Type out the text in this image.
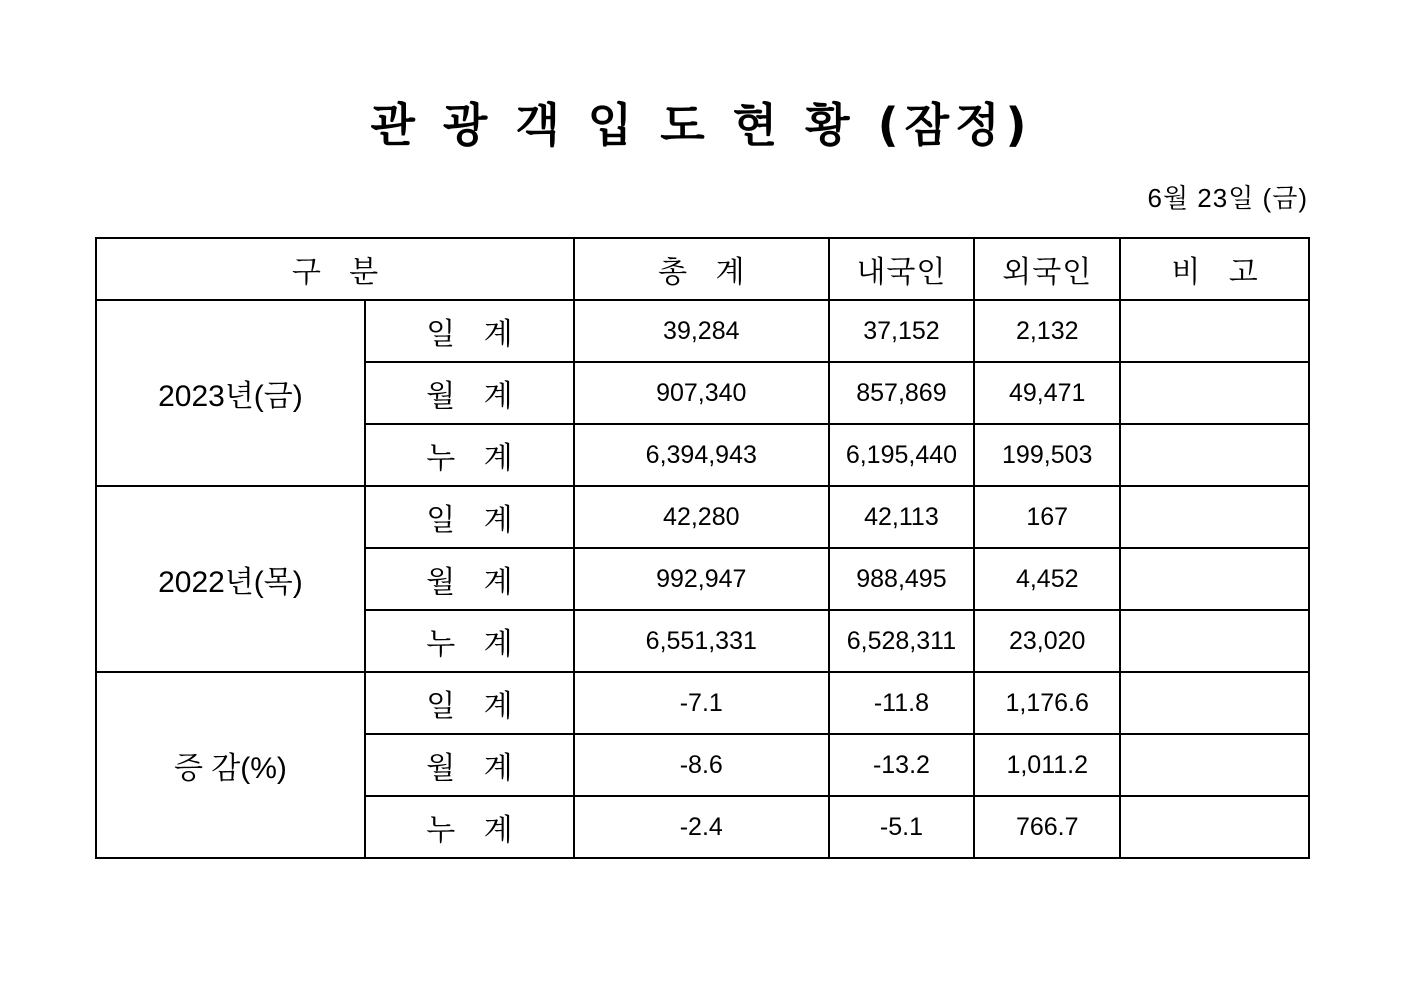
관 광 객 입 도 현 황 (잠정)
6월 23일 (금)
구 분		총 계	내국인	외국인	비 고
2023년(금)	일 계	39,284	37,152	2,132	
	월 계	907,340	857,869	49,471	
	누 계	6,394,943	6,195,440	199,503	
2022년(목)	일 계	42,280	42,113	167	
	월 계	992,947	988,495	4,452	
	누 계	6,551,331	6,528,311	23,020	
증 감(%)	일 계	-7.1	-11.8	1,176.6	
	월 계	-8.6	-13.2	1,011.2	
	누 계	-2.4	-5.1	766.7	
